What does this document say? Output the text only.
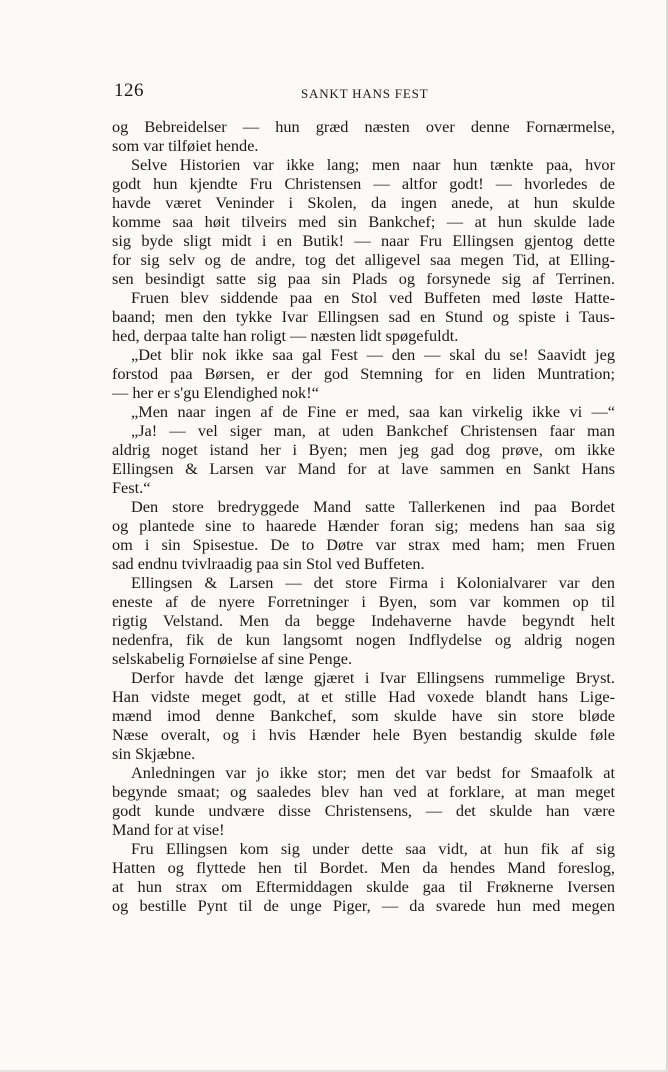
126	SANKT HANS FEST
og Bebreidelser — hun græd næsten over denne Fornærmelse,
som var tilføiet hende.
Selve Historien var ikke lang; men naar hun tænkte paa, hvor
godt hun kjendte Fru Christensen — altfor godt! — hvorledes de
havde været Veninder i Skolen, da ingen anede, at hun skulde
komme saa høit tilveirs med sin Bankchef; — at hun skulde lade
sig byde sligt midt i en Butik! — naar Fru Ellingsen gjentog dette
for sig selv og de andre, tog det alligevel saa megen Tid, at Elling-
sen besindigt satte sig paa sin Plads og forsynede sig af Terrinen.
Fruen blev siddende paa en Stol ved Buffeten med løste Hatte-
baand; men den tykke Ivar Ellingsen sad en Stund og spiste i Taus-
hed, derpaa talte han roligt — næsten lidt spøgefuldt.
„Det blir nok ikke saa gal Fest — den — skal du se! Saavidt jeg
forstod paa Børsen, er der god Stemning for en liden Muntration;
— her er s'gu Elendighed nok!“
„Men naar ingen af de Fine er med, saa kan virkelig ikke vi —“
„Ja! — vel siger man, at uden Bankchef Christensen faar man
aldrig noget istand her i Byen; men jeg gad dog prøve, om ikke
Ellingsen & Larsen var Mand for at lave sammen en Sankt Hans
Fest.“
Den store bredryggede Mand satte Tallerkenen ind paa Bordet
og plantede sine to haarede Hænder foran sig; medens han saa sig
om i sin Spisestue. De to Døtre var strax med ham; men Fruen
sad endnu tvivlraadig paa sin Stol ved Buffeten.
Ellingsen & Larsen — det store Firma i Kolonialvarer var den
eneste af de nyere Forretninger i Byen, som var kommen op til
rigtig Velstand. Men da begge Indehaverne havde begyndt helt
nedenfra, fik de kun langsomt nogen Indflydelse og aldrig nogen
selskabelig Fornøielse af sine Penge.
Derfor havde det længe gjæret i Ivar Ellingsens rummelige Bryst.
Han vidste meget godt, at et stille Had voxede blandt hans Lige-
mænd imod denne Bankchef, som skulde have sin store bløde
Næse overalt, og i hvis Hænder hele Byen bestandig skulde føle
sin Skjæbne.
Anledningen var jo ikke stor; men det var bedst for Smaafolk at
begynde smaat; og saaledes blev han ved at forklare, at man meget
godt kunde undvære disse Christensens, — det skulde han være
Mand for at vise!
Fru Ellingsen kom sig under dette saa vidt, at hun fik af sig
Hatten og flyttede hen til Bordet. Men da hendes Mand foreslog,
at hun strax om Eftermiddagen skulde gaa til Frøknerne Iversen
og bestille Pynt til de unge Piger, — da svarede hun med megen
